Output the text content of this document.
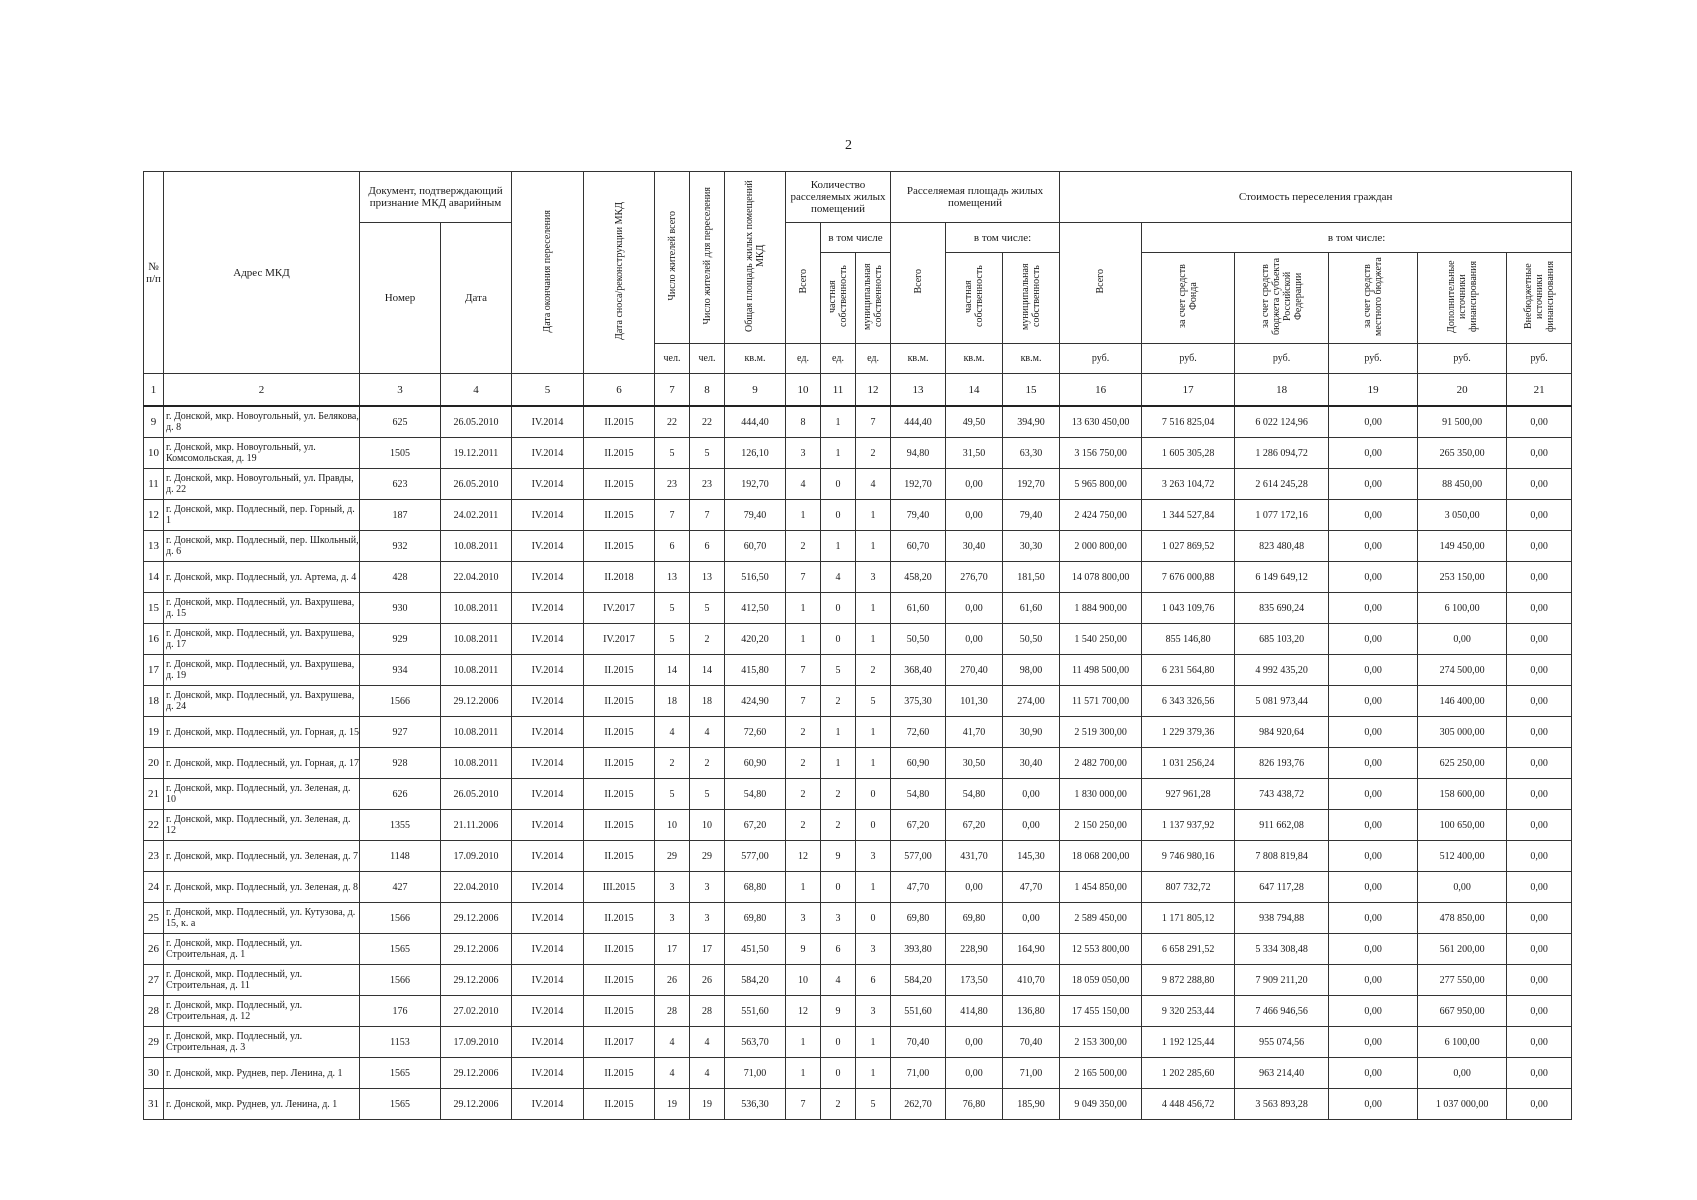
2
№ п/п	Адрес МКД	Документ, подтверждающий признание МКД аварийным		Дата окончания переселения	Дата сноса/реконструкции МКД	Число жителей всего	Число жителей для переселения	Общая площадь жилых помещений МКД	Количество расселяемых жилых помещений			Расселяемая площадь жилых помещений			Стоимость переселения граждан					
		Номер	Дата						Всего	в том числе		Всего	в том числе:		Всего	в том числе:				
										частная собственность	муниципальная собственность		частная собственность	муниципальная собственность		за счет средств Фонда	за счет средств бюджета субъекта Российской Федерации	за счет средств местного бюджета	Дополнительные источники финансирования	Внебюджетные источники финансирования
						чел.	чел.	кв.м.	ед.	ед.	ед.	кв.м.	кв.м.	кв.м.	руб.	руб.	руб.	руб.	руб.	руб.
1	2	3	4	5	6	7	8	9	10	11	12	13	14	15	16	17	18	19	20	21
9	г. Донской, мкр. Новоугольный, ул. Белякова, д. 8	625	26.05.2010	IV.2014	II.2015	22	22	444,40	8	1	7	444,40	49,50	394,90	13 630 450,00	7 516 825,04	6 022 124,96	0,00	91 500,00	0,00
10	г. Донской, мкр. Новоугольный, ул. Комсомольская, д. 19	1505	19.12.2011	IV.2014	II.2015	5	5	126,10	3	1	2	94,80	31,50	63,30	3 156 750,00	1 605 305,28	1 286 094,72	0,00	265 350,00	0,00
11	г. Донской, мкр. Новоугольный, ул. Правды, д. 22	623	26.05.2010	IV.2014	II.2015	23	23	192,70	4	0	4	192,70	0,00	192,70	5 965 800,00	3 263 104,72	2 614 245,28	0,00	88 450,00	0,00
12	г. Донской, мкр. Подлесный, пер. Горный, д. 1	187	24.02.2011	IV.2014	II.2015	7	7	79,40	1	0	1	79,40	0,00	79,40	2 424 750,00	1 344 527,84	1 077 172,16	0,00	3 050,00	0,00
13	г. Донской, мкр. Подлесный, пер. Школьный, д. 6	932	10.08.2011	IV.2014	II.2015	6	6	60,70	2	1	1	60,70	30,40	30,30	2 000 800,00	1 027 869,52	823 480,48	0,00	149 450,00	0,00
14	г. Донской, мкр. Подлесный, ул. Артема, д. 4	428	22.04.2010	IV.2014	II.2018	13	13	516,50	7	4	3	458,20	276,70	181,50	14 078 800,00	7 676 000,88	6 149 649,12	0,00	253 150,00	0,00
15	г. Донской, мкр. Подлесный, ул. Вахрушева, д. 15	930	10.08.2011	IV.2014	IV.2017	5	5	412,50	1	0	1	61,60	0,00	61,60	1 884 900,00	1 043 109,76	835 690,24	0,00	6 100,00	0,00
16	г. Донской, мкр. Подлесный, ул. Вахрушева, д. 17	929	10.08.2011	IV.2014	IV.2017	5	2	420,20	1	0	1	50,50	0,00	50,50	1 540 250,00	855 146,80	685 103,20	0,00	0,00	0,00
17	г. Донской, мкр. Подлесный, ул. Вахрушева, д. 19	934	10.08.2011	IV.2014	II.2015	14	14	415,80	7	5	2	368,40	270,40	98,00	11 498 500,00	6 231 564,80	4 992 435,20	0,00	274 500,00	0,00
18	г. Донской, мкр. Подлесный, ул. Вахрушева, д. 24	1566	29.12.2006	IV.2014	II.2015	18	18	424,90	7	2	5	375,30	101,30	274,00	11 571 700,00	6 343 326,56	5 081 973,44	0,00	146 400,00	0,00
19	г. Донской, мкр. Подлесный, ул. Горная, д. 15	927	10.08.2011	IV.2014	II.2015	4	4	72,60	2	1	1	72,60	41,70	30,90	2 519 300,00	1 229 379,36	984 920,64	0,00	305 000,00	0,00
20	г. Донской, мкр. Подлесный, ул. Горная, д. 17	928	10.08.2011	IV.2014	II.2015	2	2	60,90	2	1	1	60,90	30,50	30,40	2 482 700,00	1 031 256,24	826 193,76	0,00	625 250,00	0,00
21	г. Донской, мкр. Подлесный, ул. Зеленая, д. 10	626	26.05.2010	IV.2014	II.2015	5	5	54,80	2	2	0	54,80	54,80	0,00	1 830 000,00	927 961,28	743 438,72	0,00	158 600,00	0,00
22	г. Донской, мкр. Подлесный, ул. Зеленая, д. 12	1355	21.11.2006	IV.2014	II.2015	10	10	67,20	2	2	0	67,20	67,20	0,00	2 150 250,00	1 137 937,92	911 662,08	0,00	100 650,00	0,00
23	г. Донской, мкр. Подлесный, ул. Зеленая, д. 7	1148	17.09.2010	IV.2014	II.2015	29	29	577,00	12	9	3	577,00	431,70	145,30	18 068 200,00	9 746 980,16	7 808 819,84	0,00	512 400,00	0,00
24	г. Донской, мкр. Подлесный, ул. Зеленая, д. 8	427	22.04.2010	IV.2014	III.2015	3	3	68,80	1	0	1	47,70	0,00	47,70	1 454 850,00	807 732,72	647 117,28	0,00	0,00	0,00
25	г. Донской, мкр. Подлесный, ул. Кутузова, д. 15, к. а	1566	29.12.2006	IV.2014	II.2015	3	3	69,80	3	3	0	69,80	69,80	0,00	2 589 450,00	1 171 805,12	938 794,88	0,00	478 850,00	0,00
26	г. Донской, мкр. Подлесный, ул. Строительная, д. 1	1565	29.12.2006	IV.2014	II.2015	17	17	451,50	9	6	3	393,80	228,90	164,90	12 553 800,00	6 658 291,52	5 334 308,48	0,00	561 200,00	0,00
27	г. Донской, мкр. Подлесный, ул. Строительная, д. 11	1566	29.12.2006	IV.2014	II.2015	26	26	584,20	10	4	6	584,20	173,50	410,70	18 059 050,00	9 872 288,80	7 909 211,20	0,00	277 550,00	0,00
28	г. Донской, мкр. Подлесный, ул. Строительная, д. 12	176	27.02.2010	IV.2014	II.2015	28	28	551,60	12	9	3	551,60	414,80	136,80	17 455 150,00	9 320 253,44	7 466 946,56	0,00	667 950,00	0,00
29	г. Донской, мкр. Подлесный, ул. Строительная, д. 3	1153	17.09.2010	IV.2014	II.2017	4	4	563,70	1	0	1	70,40	0,00	70,40	2 153 300,00	1 192 125,44	955 074,56	0,00	6 100,00	0,00
30	г. Донской, мкр. Руднев, пер. Ленина, д. 1	1565	29.12.2006	IV.2014	II.2015	4	4	71,00	1	0	1	71,00	0,00	71,00	2 165 500,00	1 202 285,60	963 214,40	0,00	0,00	0,00
31	г. Донской, мкр. Руднев, ул. Ленина, д. 1	1565	29.12.2006	IV.2014	II.2015	19	19	536,30	7	2	5	262,70	76,80	185,90	9 049 350,00	4 448 456,72	3 563 893,28	0,00	1 037 000,00	0,00
